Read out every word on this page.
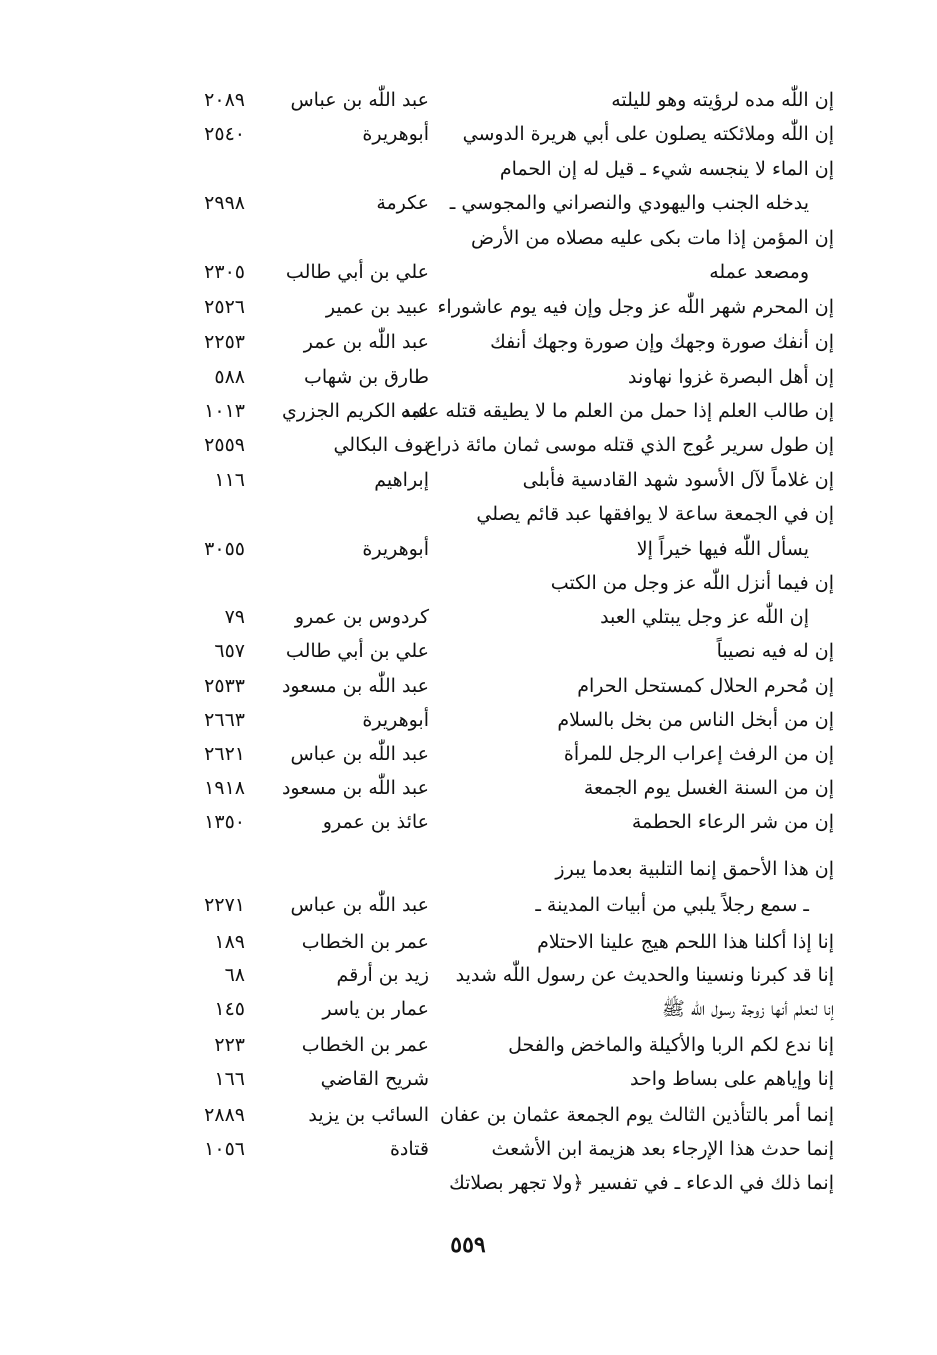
إن اللّٰه مده لرؤيته وهو لليلته
عبد اللّٰه بن عباس
٢٠٨٩
إن اللّٰه وملائكته يصلون على أبي هريرة الدوسي
أبوهريرة
٢٥٤٠
إن الماء لا ينجسه شيء ـ قيل له إن الحمام
يدخله الجنب واليهودي والنصراني والمجوسي ـ
عكرمة
٢٩٩٨
إن المؤمن إذا مات بكى عليه مصلاه من الأرض
ومصعد عمله
علي بن أبي طالب
٢٣٠٥
إن المحرم شهر اللّٰه عز وجل وإن فيه يوم عاشوراء
عبيد بن عمير
٢٥٢٦
إن أنفك صورة وجهك وإن صورة وجهك أنفك
عبد اللّٰه بن عمر
٢٢٥٣
إن أهل البصرة غزوا نهاوند
طارق بن شهاب
٥٨٨
إن طالب العلم إذا حمل من العلم ما لا يطيقه قتله علمه
عبد الكريم الجزري
١٠١٣
إن طول سرير عُوج الذي قتله موسى ثمان مائة ذراع
نوف البكالي
٢٥٥٩
إن غلاماً لآل الأسود شهد القادسية فأبلى
إبراهيم
١١٦
إن في الجمعة ساعة لا يوافقها عبد قائم يصلي
يسأل اللّٰه فيها خيراً إلا
أبوهريرة
٣٠٥٥
إن فيما أنزل اللّٰه عز وجل من الكتب
إن اللّٰه عز وجل يبتلي العبد
كردوس بن عمرو
٧٩
إن له فيه نصيباً
علي بن أبي طالب
٦٥٧
إن مُحرم الحلال كمستحل الحرام
عبد اللّٰه بن مسعود
٢٥٣٣
إن من أبخل الناس من بخل بالسلام
أبوهريرة
٢٦٦٣
إن من الرفث إعراب الرجل للمرأة
عبد اللّٰه بن عباس
٢٦٢١
إن من السنة الغسل يوم الجمعة
عبد اللّٰه بن مسعود
١٩١٨
إن من شر الرعاء الحطمة
عائذ بن عمرو
١٣٥٠
إن هذا الأحمق إنما التلبية بعدما يبرز
ـ سمع رجلاً يلبي من أبيات المدينة ـ
عبد اللّٰه بن عباس
٢٢٧١
إنا إذا أكلنا هذا اللحم هيج علينا الاحتلام
عمر بن الخطاب
١٨٩
إنا قد كبرنا ونسينا والحديث عن رسول اللّٰه شديد
زيد بن أرقم
٦٨
إنا لنعلم أنها زوجة رسول اللّٰه ﷺ
عمار بن ياسر
١٤٥
إنا ندع لكم الربا والأكيلة والماخض والفحل
عمر بن الخطاب
٢٢٣
إنا وإياهم على بساط واحد
شريح القاضي
١٦٦
إنما أمر بالتأذين الثالث يوم الجمعة عثمان بن عفان
السائب بن يزيد
٢٨٨٩
إنما حدث هذا الإرجاء بعد هزيمة ابن الأشعث
قتادة
١٠٥٦
إنما ذلك في الدعاء ـ في تفسير ﴿ولا تجهر بصلاتك
٥٥٩
